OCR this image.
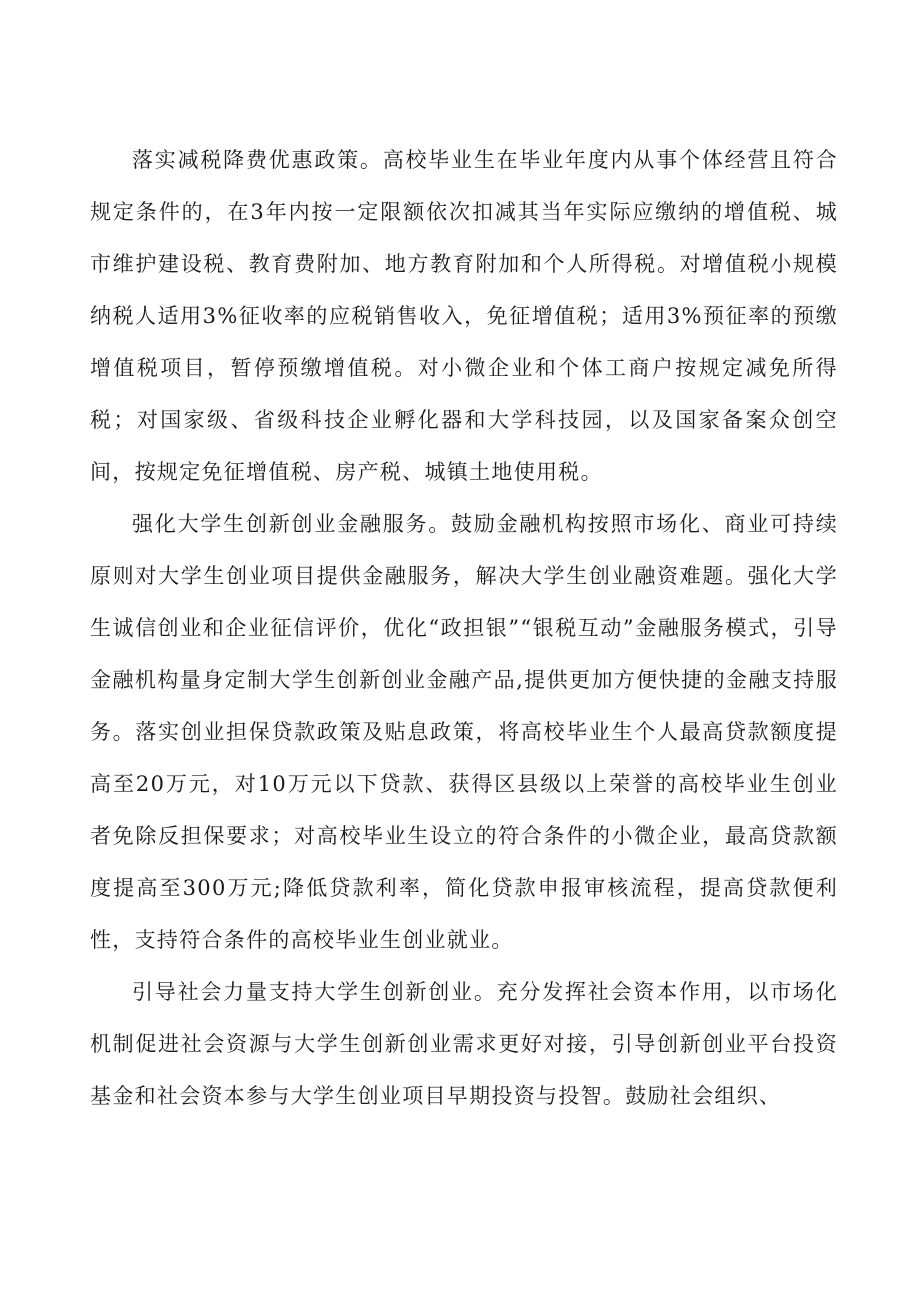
落实减税降费优惠政策。高校毕业生在毕业年度内从事个体经营且符合规定条件的，在3年内按一定限额依次扣减其当年实际应缴纳的增值税、城市维护建设税、教育费附加、地方教育附加和个人所得税。对增值税小规模纳税人适用3%征收率的应税销售收入，免征增值税；适用3%预征率的预缴增值税项目，暂停预缴增值税。对小微企业和个体工商户按规定减免所得税；对国家级、省级科技企业孵化器和大学科技园，以及国家备案众创空间，按规定免征增值税、房产税、城镇土地使用税。

强化大学生创新创业金融服务。鼓励金融机构按照市场化、商业可持续原则对大学生创业项目提供金融服务，解决大学生创业融资难题。强化大学生诚信创业和企业征信评价，优化“政担银”“银税互动”金融服务模式，引导金融机构量身定制大学生创新创业金融产品,提供更加方便快捷的金融支持服务。落实创业担保贷款政策及贴息政策，将高校毕业生个人最高贷款额度提高至20万元，对10万元以下贷款、获得区县级以上荣誉的高校毕业生创业者免除反担保要求；对高校毕业生设立的符合条件的小微企业，最高贷款额度提高至300万元;降低贷款利率，简化贷款申报审核流程，提高贷款便利性，支持符合条件的高校毕业生创业就业。

引导社会力量支持大学生创新创业。充分发挥社会资本作用，以市场化机制促进社会资源与大学生创新创业需求更好对接，引导创新创业平台投资基金和社会资本参与大学生创业项目早期投资与投智。鼓励社会组织、
